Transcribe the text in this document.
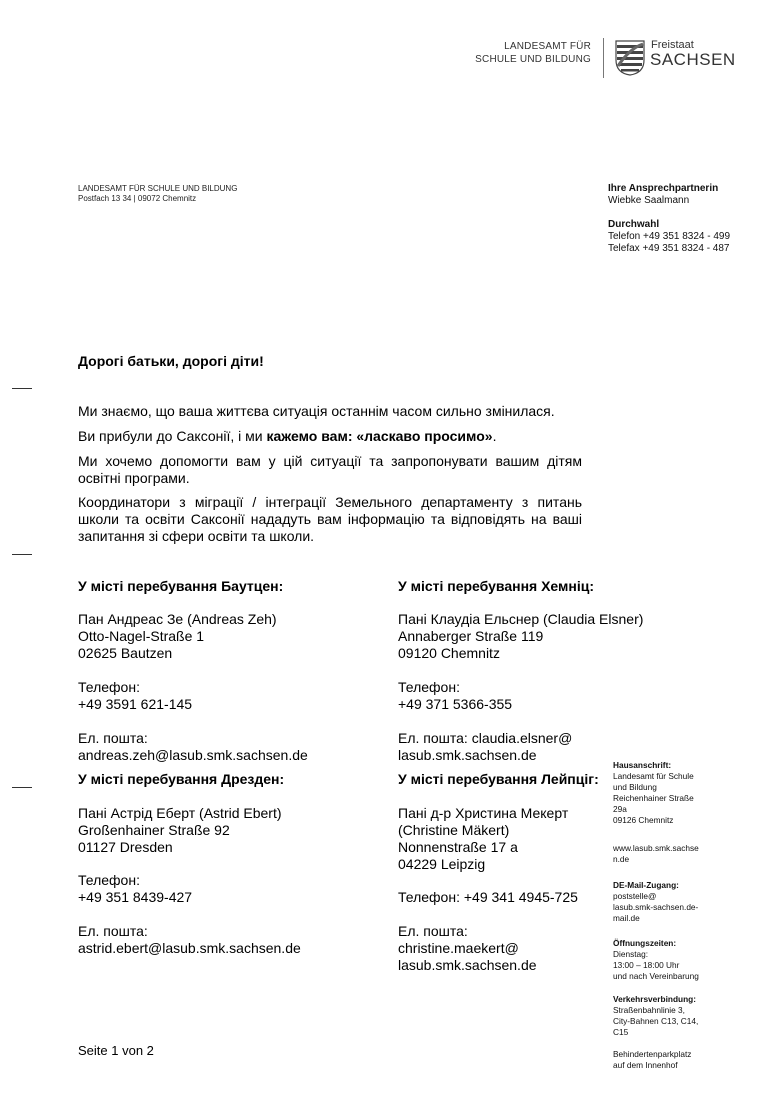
LANDESAMT FÜR
SCHULE UND BILDUNG
Freistaat
SACHSEN
LANDESAMT FÜR SCHULE UND BILDUNG
Postfach 13 34 | 09072 Chemnitz
Ihre Ansprechpartnerin
Wiebke Saalmann
Durchwahl
Telefon +49 351 8324 - 499
Telefax +49 351 8324 - 487
Дорогі батьки, дорогі діти!
Ми знаємо, що ваша життєва ситуація останнім часом сильно змінилася.
Ви прибули до Саксонії, і ми кажемо вам: «ласкаво просимо».
Ми хочемо допомогти вам у цій ситуації та запропонувати вашим дітям освітні програми.
Координатори з міграції / інтеграції Земельного департаменту з питань школи та освіти Саксонії нададуть вам інформацію та відповідять на ваші запитання зі сфери освіти та школи.
У місті перебування Баутцен:
Пан Андреас Зе (Andreas Zeh)
Otto-Nagel-Straße 1
02625 Bautzen
Телефон:
+49 3591 621-145
Ел. пошта:
andreas.zeh@lasub.smk.sachsen.de
У місті перебування Хемніц:
Пані Клаудіа Ельснер (Claudia Elsner)
Annaberger Straße 119
09120 Chemnitz
Телефон:
+49 371 5366-355
Ел. пошта: claudia.elsner@
lasub.smk.sachsen.de
У місті перебування Дрезден:
Пані Астрід Еберт (Astrid Ebert)
Großenhainer Straße 92
01127 Dresden
Телефон:
+49 351 8439-427
Ел. пошта:
astrid.ebert@lasub.smk.sachsen.de
У місті перебування Лейпціг:
Пані д-р Христина Мекерт
(Christine Mäkert)
Nonnenstraße 17 a
04229 Leipzig
Телефон: +49 341 4945-725
Ел. пошта:
christine.maekert@
lasub.smk.sachsen.de
Hausanschrift:
Landesamt für Schule
und Bildung
Reichenhainer Straße
29a
09126 Chemnitz
www.lasub.smk.sachse
n.de
DE-Mail-Zugang:
poststelle@
lasub.smk-sachsen.de-
mail.de
Öffnungszeiten:
Dienstag:
13:00 – 18:00 Uhr
und nach Vereinbarung
Verkehrsverbindung:
Straßenbahnlinie 3,
City-Bahnen C13, C14,
C15
Behindertenparkplatz
auf dem Innenhof
Seite 1 von 2
